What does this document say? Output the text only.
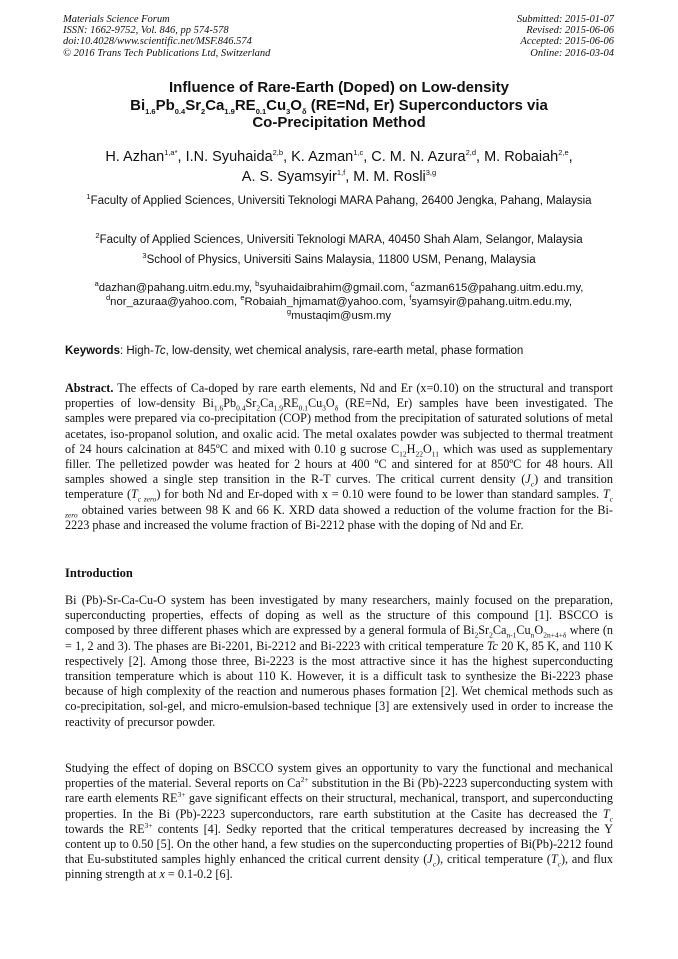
Materials Science Forum
ISSN: 1662-9752, Vol. 846, pp 574-578
doi:10.4028/www.scientific.net/MSF.846.574
© 2016 Trans Tech Publications Ltd, Switzerland
Submitted: 2015-01-07
Revised: 2015-06-06
Accepted: 2015-06-06
Online: 2016-03-04
Influence of Rare-Earth (Doped) on Low-density
$Bi_{1.6}Pb_{0.4}Sr_2Ca_{1.9}RE_{0.1}Cu_3O_\delta$ (RE=Nd, Er) Superconductors via
Co-Precipitation Method
H. Azhan$^{1,a*}$, I.N. Syuhaida$^{2,b}$, K. Azman$^{1,c}$, C. M. N. Azura$^{2,d}$, M. Robaiah$^{2,e}$,
A. S. Syamsyir$^{1,f}$, M. M. Rosli$^{3,g}$
$^1$Faculty of Applied Sciences, Universiti Teknologi MARA Pahang, 26400 Jengka, Pahang, Malaysia
$^2$Faculty of Applied Sciences, Universiti Teknologi MARA, 40450 Shah Alam, Selangor, Malaysia
$^3$School of Physics, Universiti Sains Malaysia, 11800 USM, Penang, Malaysia
$^a$dazhan@pahang.uitm.edu.my, $^b$syuhaidaibrahim@gmail.com, $^c$azman615@pahang.uitm.edu.my,
$^d$nor_azuraa@yahoo.com, $^e$Robaiah_hjmamat@yahoo.com, $^f$syamsyir@pahang.uitm.edu.my,
$^g$mustaqim@usm.my
Keywords: High-Tc, low-density, wet chemical analysis, rare-earth metal, phase formation
Abstract. The effects of Ca-doped by rare earth elements, Nd and Er (x=0.10) on the structural and transport properties of low-density $Bi_{1.6}Pb_{0.4}Sr_2Ca_{1.9}RE_{0.1}Cu_3O_\delta$ (RE=Nd, Er) samples have been investigated. The samples were prepared via co-precipitation (COP) method from the precipitation of saturated solutions of metal acetates, iso-propanol solution, and oxalic acid. The metal oxalates powder was subjected to thermal treatment of 24 hours calcination at 845ºC and mixed with 0.10 g sucrose $C_{12}H_{22}O_{11}$ which was used as supplementary filler. The pelletized powder was heated for 2 hours at 400 ºC and sintered for at 850ºC for 48 hours. All samples showed a single step transition in the R-T curves. The critical current density $(J_c)$ and transition temperature $(T_{c zero})$ for both Nd and Er-doped with x = 0.10 were found to be lower than standard samples. $T_{c zero}$ obtained varies between 98 K and 66 K. XRD data showed a reduction of the volume fraction for the Bi-2223 phase and increased the volume fraction of Bi-2212 phase with the doping of Nd and Er.
Introduction
Bi (Pb)-Sr-Ca-Cu-O system has been investigated by many researchers, mainly focused on the preparation, superconducting properties, effects of doping as well as the structure of this compound [1]. BSCCO is composed by three different phases which are expressed by a general formula of $Bi_2Sr_2Ca_{n-1}Cu_nO_{2n+4+\delta}$ where (n = 1, 2 and 3). The phases are Bi-2201, Bi-2212 and Bi-2223 with critical temperature Tc 20 K, 85 K, and 110 K respectively [2]. Among those three, Bi-2223 is the most attractive since it has the highest superconducting transition temperature which is about 110 K. However, it is a difficult task to synthesize the Bi-2223 phase because of high complexity of the reaction and numerous phases formation [2]. Wet chemical methods such as co-precipitation, sol-gel, and micro-emulsion-based technique [3] are extensively used in order to increase the reactivity of precursor powder.
Studying the effect of doping on BSCCO system gives an opportunity to vary the functional and mechanical properties of the material. Several reports on $Ca^{2+}$ substitution in the Bi (Pb)-2223 superconducting system with rare earth elements $RE^{3+}$ gave significant effects on their structural, mechanical, transport, and superconducting properties. In the Bi (Pb)-2223 superconductors, rare earth substitution at the Casite has decreased the $T_c$ towards the $RE^{3+}$ contents [4]. Sedky reported that the critical temperatures decreased by increasing the Y content up to 0.50 [5]. On the other hand, a few studies on the superconducting properties of Bi(Pb)-2212 found that Eu-substituted samples highly enhanced the critical current density $(J_c)$, critical temperature $(T_c)$, and flux pinning strength at x = 0.1-0.2 [6].
